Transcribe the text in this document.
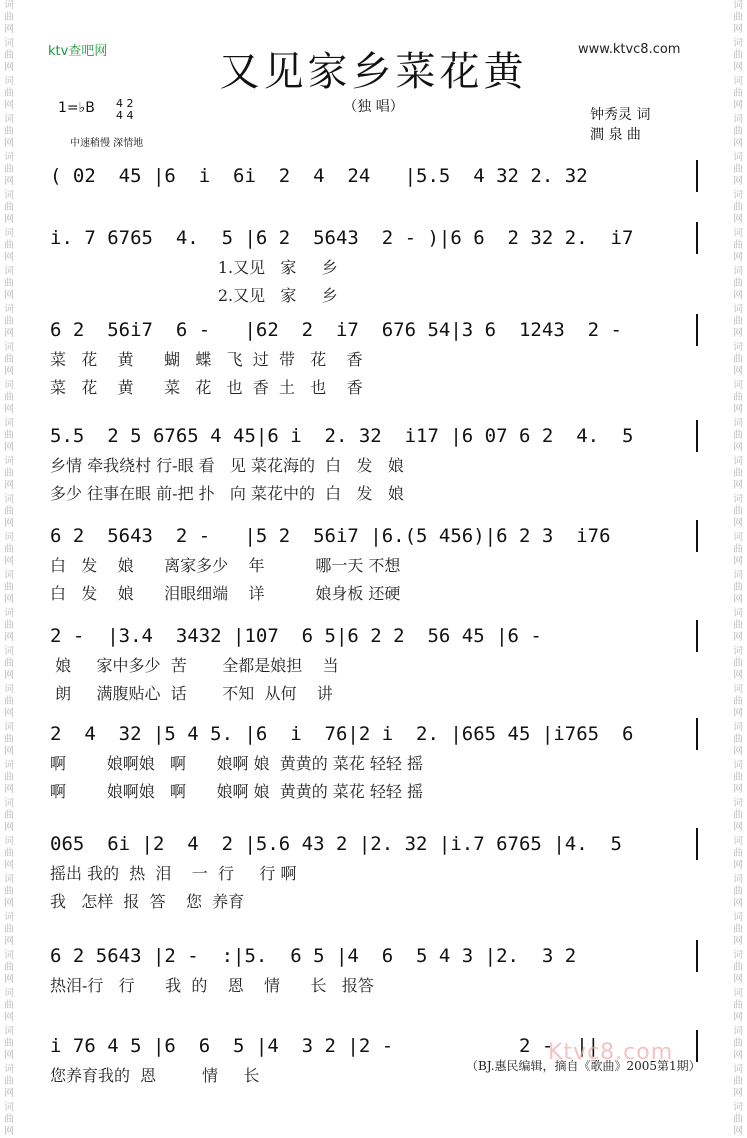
词曲网
词曲网
词曲网
词曲网
词曲网
词曲网
词曲网
词曲网
词曲网
词曲网
词曲网
词曲网
词曲网
词曲网
词曲网
词曲网
词曲网
词曲网
词曲网
词曲网
词曲网
词曲网
词曲网
词曲网
词曲网
词曲网
词曲网
词曲网
词曲网
词曲网
词曲网
词曲网
词曲网
词曲网
词曲网
词曲网
词曲网
词曲网
词曲网
词曲网
词曲网
词曲网
词曲网
词曲网
词曲网
词曲网
词曲网
词曲网
词曲网
词曲网
词曲网
词曲网
词曲网
词曲网
词曲网
词曲网
词曲网
词曲网
词曲网
词曲网
ktv查吧网	www.ktvc8.com
又见家乡菜花黄
（独 唱）
1=♭B 4 2
4 4
中速稍慢 深情地
钟秀灵 词
澗 泉 曲
( 02  45 |6  i  6i  2  4  24   |5.5  4 32 2. 32
i. 7 6765  4.  5 |6 2  5643  2 - )|6 6  2 32 2.  i7
1.又见   家     乡
2.又见   家     乡
6 2  56i7  6 -   |62  2  i7  676 54|3 6  1243  2 -
菜   花    黄      蝴   蝶   飞  过  带   花    香
菜   花    黄      菜   花   也  香  土   也    香
5.5  2 5 6765 4 45|6 i  2. 32  i17 |6 07 6 2  4.  5
乡情 牵我绕村 行-眼 看   见 菜花海的  白   发   娘
多少 往事在眼 前-把 扑   向 菜花中的  白   发   娘
6 2  5643  2 -   |5 2  56i7 |6.(5 456)|6 2 3  i76
白   发    娘      离家多少    年          哪一天 不想
白   发    娘      泪眼细端    详          娘身板 还硬
2 -  |3.4  3432 |107  6 5|6 2 2  56 45 |6 -
娘     家中多少  苦       全都是娘担    当
朗     满腹贴心  话       不知  从何    讲
2  4  32 |5 4 5. |6  i  76|2 i  2. |665 45 |i765  6
啊        娘啊娘   啊      娘啊 娘  黄黄的 菜花 轻轻 摇
啊        娘啊娘   啊      娘啊 娘  黄黄的 菜花 轻轻 摇
065  6i |2  4  2 |5.6 43 2 |2. 32 |i.7 6765 |4.  5
摇出 我的  热  泪    一  行     行 啊
我   怎样  报  答    您  养育
6 2 5643 |2 -  :|5.  6 5 |4  6  5 4 3 |2.  3 2
热泪-行   行      我  的    恩    情      长   报答
i 76 4 5 |6  6  5 |4  3 2 |2 -           2 -  ||
您养育我的  恩         情     长	（BJ.惠民编辑，摘自《歌曲》2005第1期）
Ktvc8.com
